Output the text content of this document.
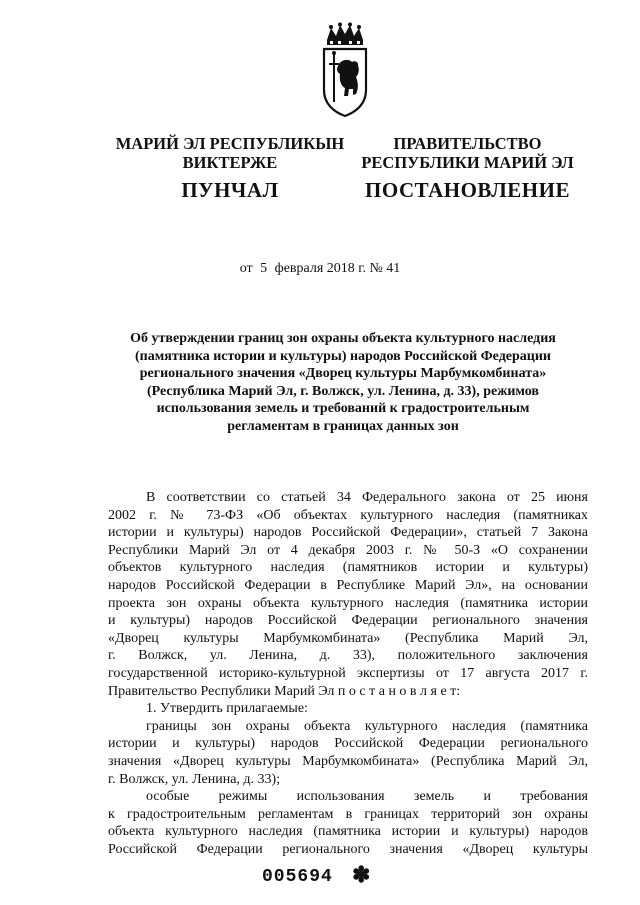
МАРИЙ ЭЛ РЕСПУБЛИКЫН
ВИКТЕРЖЕ
ПУНЧАЛ
ПРАВИТЕЛЬСТВО
РЕСПУБЛИКИ МАРИЙ ЭЛ
ПОСТАНОВЛЕНИЕ
от 5 февраля 2018 г. № 41
Об утверждении границ зон охраны объекта культурного наследия
(памятника истории и культуры) народов Российской Федерации
регионального значения «Дворец культуры Марбумкомбината»
(Республика Марий Эл, г. Волжск, ул. Ленина, д. 33), режимов
использования земель и требований к градостроительным
регламентам в границах данных зон

В соответствии со статьей 34 Федерального закона от 25 июня

2002 г. № 73-ФЗ «Об объектах культурного наследия (памятниках

истории и культуры) народов Российской Федерации», статьей 7 Закона

Республики Марий Эл от 4 декабря 2003 г. № 50-З «О сохранении

объектов культурного наследия (памятников истории и культуры)

народов Российской Федерации в Республике Марий Эл», на основании

проекта зон охраны объекта культурного наследия (памятника истории

и культуры) народов Российской Федерации регионального значения

«Дворец культуры Марбумкомбината» (Республика Марий Эл,

г. Волжск, ул. Ленина, д. 33), положительного заключения

государственной историко-культурной экспертизы от 17 августа 2017 г.

Правительство Республики Марий Эл п о с т а н о в л я е т:

1. Утвердить прилагаемые:

границы зон охраны объекта культурного наследия (памятника

истории и культуры) народов Российской Федерации регионального

значения «Дворец культуры Марбумкомбината» (Республика Марий Эл,

г. Волжск, ул. Ленина, д. 33);

особые режимы использования земель и требования

к градостроительным регламентам в границах территорий зон охраны

объекта культурного наследия (памятника истории и культуры) народов

Российской Федерации регионального значения «Дворец культуры

005694 ✽
